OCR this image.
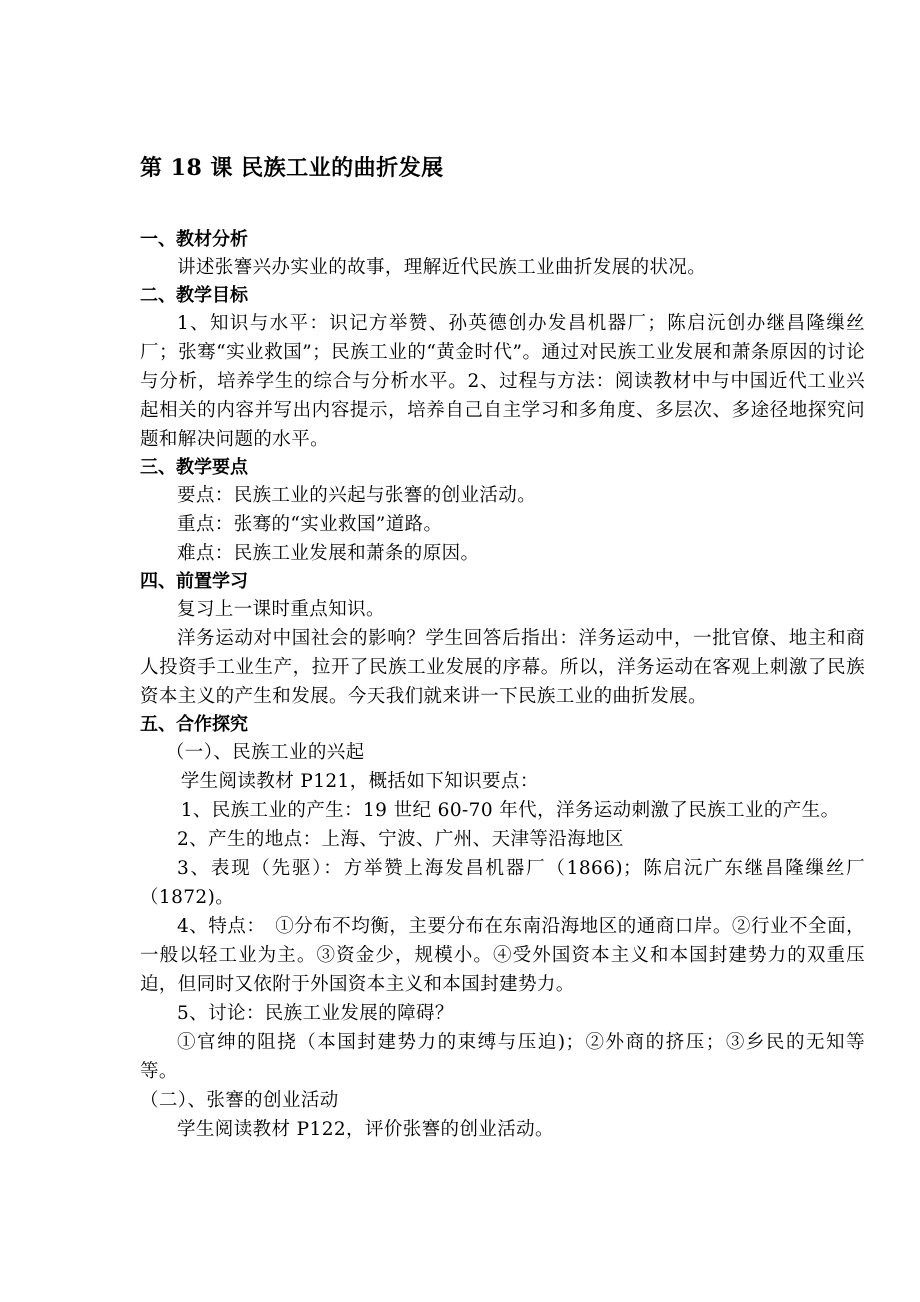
第 18 课 民族工业的曲折发展
一、教材分析

讲述张謇兴办实业的故事，理解近代民族工业曲折发展的状况。

二、教学目标

1、知识与水平：识记方举赞、孙英德创办发昌机器厂；陈启沅创办继昌隆缫丝厂；张骞“实业救国”；民族工业的“黄金时代”。通过对民族工业发展和萧条原因的讨论与分析，培养学生的综合与分析水平。2、过程与方法：阅读教材中与中国近代工业兴起相关的内容并写出内容提示，培养自己自主学习和多角度、多层次、多途径地探究问题和解决问题的水平。

三、教学要点

要点：民族工业的兴起与张謇的创业活动。

重点：张骞的“实业救国”道路。

难点：民族工业发展和萧条的原因。

四、前置学习

复习上一课时重点知识。

洋务运动对中国社会的影响？学生回答后指出：洋务运动中，一批官僚、地主和商人投资手工业生产，拉开了民族工业发展的序幕。所以，洋务运动在客观上刺激了民族资本主义的产生和发展。今天我们就来讲一下民族工业的曲折发展。

五、合作探究

（一）、民族工业的兴起

学生阅读教材 P121，概括如下知识要点：

1、民族工业的产生：19 世纪 60-70 年代，洋务运动刺激了民族工业的产生。

2、产生的地点：上海、宁波、广州、天津等沿海地区

3、表现（先驱）：方举赞上海发昌机器厂（1866)；陈启沅广东继昌隆缫丝厂（1872)。

4、特点：　①分布不均衡，主要分布在东南沿海地区的通商口岸。②行业不全面，一般以轻工业为主。③资金少，规模小。④受外国资本主义和本国封建势力的双重压迫，但同时又依附于外国资本主义和本国封建势力。

5、讨论：民族工业发展的障碍？

①官绅的阻挠（本国封建势力的束缚与压迫)；②外商的挤压；③乡民的无知等等。

（二）、张謇的创业活动

学生阅读教材 P122，评价张謇的创业活动。
